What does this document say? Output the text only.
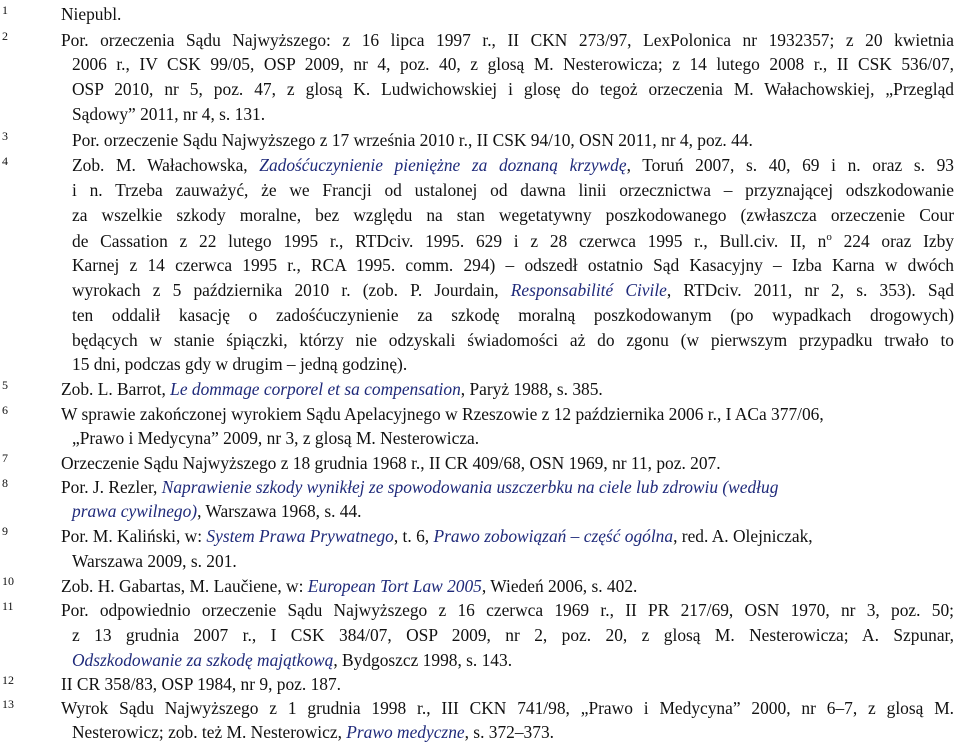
1
2
3
4
5
6
7
8
9
10
11
12
13
Niepubl.
Por. orzeczenia Sądu Najwyższego: z 16 lipca 1997 r., II CKN 273/97, LexPolonica nr 1932357; z 20 kwietnia
2006 r., IV CSK 99/05, OSP 2009, nr 4, poz. 40, z glosą M. Nesterowicza; z 14 lutego 2008 r., II CSK 536/07,
OSP 2010, nr 5, poz. 47, z glosą K. Ludwichowskiej i glosę do tegoż orzeczenia M. Wałachowskiej, „Przegląd
Sądowy” 2011, nr 4, s. 131.
Por. orzeczenie Sądu Najwyższego z 17 września 2010 r., II CSK 94/10, OSN 2011, nr 4, poz. 44.
Zob. M. Wałachowska, Zadośćuczynienie pieniężne za doznaną krzywdę, Toruń 2007, s. 40, 69 i n. oraz s. 93
i n. Trzeba zauważyć, że we Francji od ustalonej od dawna linii orzecznictwa – przyznającej odszkodowanie
za wszelkie szkody moralne, bez względu na stan wegetatywny poszkodowanego (zwłaszcza orzeczenie Cour
de Cassation z 22 lutego 1995 r., RTDciv. 1995. 629 i z 28 czerwca 1995 r., Bull.civ. II, $n^o$ 224 oraz Izby
Karnej z 14 czerwca 1995 r., RCA 1995. comm. 294) – odszedł ostatnio Sąd Kasacyjny – Izba Karna w dwóch
wyrokach z 5 października 2010 r. (zob. P. Jourdain, Responsabilité Civile, RTDciv. 2011, nr 2, s. 353). Sąd
ten oddalił kasację o zadośćuczynienie za szkodę moralną poszkodowanym (po wypadkach drogowych)
będących w stanie śpiączki, którzy nie odzyskali świadomości aż do zgonu (w pierwszym przypadku trwało to
15 dni, podczas gdy w drugim – jedną godzinę).
Zob. L. Barrot, Le dommage corporel et sa compensation, Paryż 1988, s. 385.
W sprawie zakończonej wyrokiem Sądu Apelacyjnego w Rzeszowie z 12 października 2006 r., I ACa 377/06,
„Prawo i Medycyna” 2009, nr 3, z glosą M. Nesterowicza.
Orzeczenie Sądu Najwyższego z 18 grudnia 1968 r., II CR 409/68, OSN 1969, nr 11, poz. 207.
Por. J. Rezler, Naprawienie szkody wynikłej ze spowodowania uszczerbku na ciele lub zdrowiu (według
prawa cywilnego), Warszawa 1968, s. 44.
Por. M. Kaliński, w: System Prawa Prywatnego, t. 6, Prawo zobowiązań – część ogólna, red. A. Olejniczak,
Warszawa 2009, s. 201.
Zob. H. Gabartas, M. Laučiene, w: European Tort Law 2005, Wiedeń 2006, s. 402.
Por. odpowiednio orzeczenie Sądu Najwyższego z 16 czerwca 1969 r., II PR 217/69, OSN 1970, nr 3, poz. 50;
z 13 grudnia 2007 r., I CSK 384/07, OSP 2009, nr 2, poz. 20, z glosą M. Nesterowicza; A. Szpunar,
Odszkodowanie za szkodę majątkową, Bydgoszcz 1998, s. 143.
II CR 358/83, OSP 1984, nr 9, poz. 187.
Wyrok Sądu Najwyższego z 1 grudnia 1998 r., III CKN 741/98, „Prawo i Medycyna” 2000, nr 6–7, z glosą M.
Nesterowicz; zob. też M. Nesterowicz, Prawo medyczne, s. 372–373.
